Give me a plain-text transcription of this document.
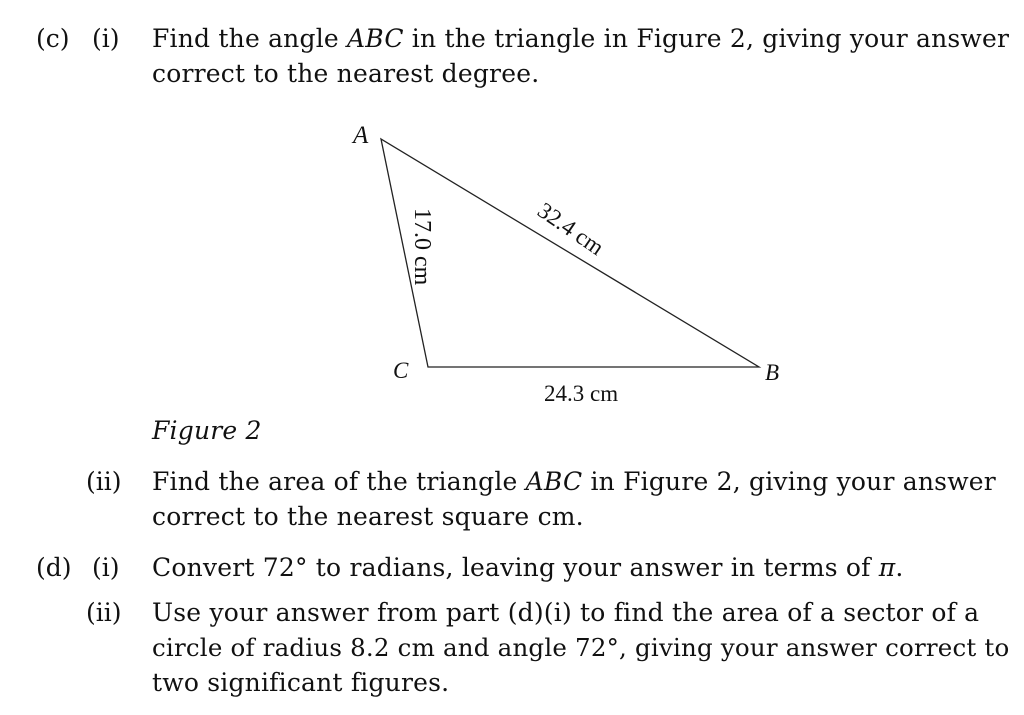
(c) (i) Find the angle ABC in the triangle in Figure 2, giving your answer
correct to the nearest degree.
A
B
C
32.4 cm
17.0 cm
24.3 cm
Figure 2
(ii) Find the area of the triangle ABC in Figure 2, giving your answer
correct to the nearest square cm.
(d) (i) Convert 72° to radians, leaving your answer in terms of π.
(ii) Use your answer from part (d)(i) to find the area of a sector of a
circle of radius 8.2 cm and angle 72°, giving your answer correct to
two significant figures.
